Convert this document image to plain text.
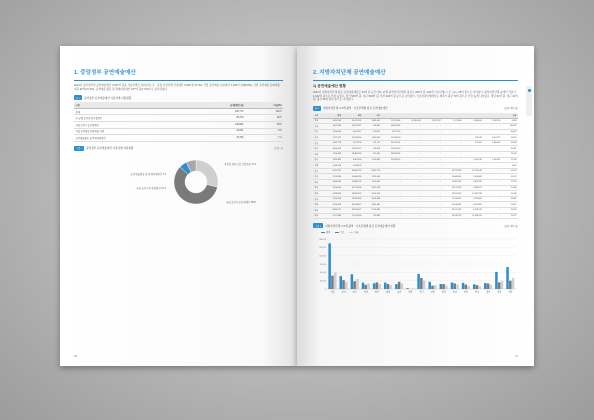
1. 중앙정부 공연예술예산

2016년 중앙정부의 공연예술예산 2,257억 원을 사용처별로 살펴보면, 국 · 공립 공연단체 간접예산 6,548 원 37.0%, 국립 공연예술 운영예산 1,329억 원(58.8%), 국립 공연예술 문화예술 지원 62억(27.4%), 공연예술 활동 및 축제지원예산 167억 원(7.4%)으로 조사되었다.

표 1	중앙정부 공연예술예산 사용처별 지원현황
구분	금액(백만 원)	비율(%)
전체	225,772	100.0
국·공립 공연단체 간접예산	65,478	29.0
국립 공연시설 운영예산	132,890	58.8
국립 공연예술 문화예술 지원	12,641	5.6
공연예술활동 및 축제지원예산	16,763	7.4
그림 1	중앙정부 공연예술예산 사용처별 지원현황	(단위: %)
국립 공연시설 운영예산 58.8
지정형 외연시설 간접예산 17.4
공연예술활동 및 축제지원예산 7.4
국립 공연기관 운영예산 27.4
36
2. 지방자치단체 공연예술예산
1) 공연예술예산 현황

2016년 지방자치단체 평균 공연예술예산은 44억 원 규모이며, 17개 광역자치단체의 평균은 354억 원, 226개 기초단체(시·군·구)는 25억 원으로 나타났다. 광역자치단체 중에서 서울이 1,642억 원으로 가장 높았고, 경기 545억 원, 대구 532억 원, 부산 464억 원 순으로 나타났다. 기초자치단체에서는 제주가 평균 79억 원으로 가장 높게 나타났고, 경남 61억 원, 대구 42억 원, 광주 48억 원의 순으로 나타났다.

표 2	지방자치단체 / 17개 광역 · 기초단체별 평균 공연예술예산	(단위: 백만 원)
구분	합계	광역	기초							평균
전체	1,899,138	35,476,781	3,891,031	15,279,068	25,281,058	13,219,797	2,977,448	2,566,500	2,556,780	4,426
서울	1,479,993	24,471,917	768,961	16,432,087	-	-	-	-	-	164,207
부산	1,434,616	6,617,117	453,047	9,127,193	-	-	-	-	-	46,413
대구	7,171,321	10,291,454	1,362,942	21,344,140	-	-	-	776,743	1,421,775	53,216
인천	1,467,753	5,221,128	221,773	29,191,141	-	-	-	172,101	1,390,637	22,843
광주	3,650,674	12,427,177	326,478	19,543,145	-	-	-	-	-	20,451
대전	1,354,098	28,486,746	155,487	38,998,241	-	-	-	-	-	23,138
울산	1,891,881	3,801,928	1,100,406	25,434,745	-	-	-	2,114,749	2,100,311	17,256
세종	2,001,856	2,018,099	-	-	-	-	-	-	-	3,116
경기	8,357,421	34,982,797	8,097,778	-	-	-	35,231,839	12,123,548	-	54,523
강원	2,291,384	20,460,784	1,291,648	-	-	-	15,668,164	3,290,868	-	26,137
충북	1,836,184	15,885,102	1,140,035	-	-	-	11,467,185	8,672,635	-	17,792
충남	3,298,414	31,175,894	3,476,789	-	-	-	20,271,392	9,448,191	-	23,406
전북	3,288,394	36,861,497	3,247,474	-	-	-	35,811,897	12,929,378	-	22,138
전남	2,780,554	23,789,683	3,181,686	-	-	-	17,316,462	3,251,664	-	16,891
경북	3,766,824	38,748,617	6,891,843	-	-	-	35,244,867	6,472,883	-	21,317
경남	6,836,171	26,879,677	2,196,083	-	-	-	26,577,067	6,776,579	-	61,182
제주	2,173,489	11,741,346	716,839	-	-	-	26,476,785	12,108,541	-	79,171
그림 2	지방자치단체 / 17개 광역 · 기초단체별 평균 공연예술예산 현황	(단위: 백만 원)
광역	기초	평균
0
30,000
60,000
90,000
120,000
150,000
180,000
서울	부산	대구	인천	광주	대전	울산	세종	경기	강원	충북	충남	전북	전남	경북	경남	제주
37
